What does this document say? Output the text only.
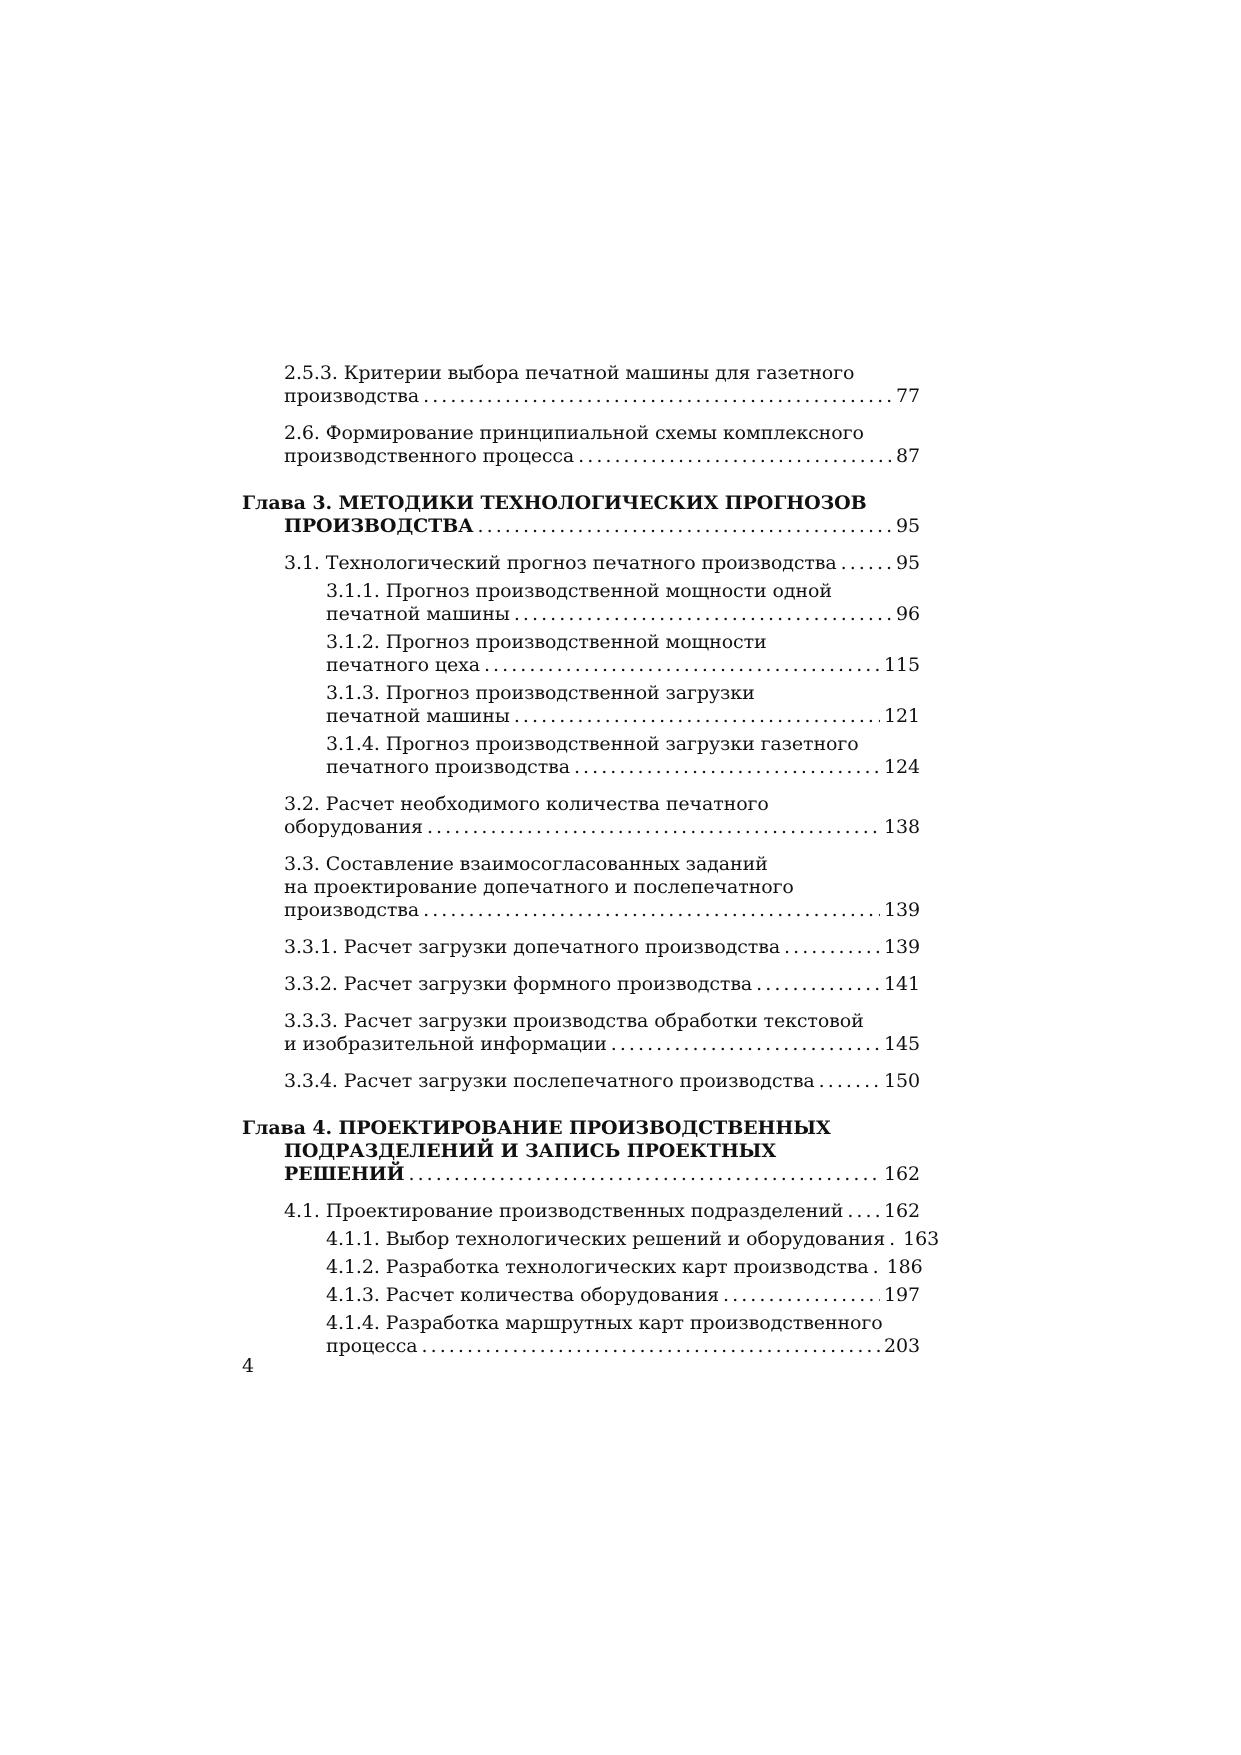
2.5.3. Критерии выбора печатной машины для газетного
производства . . .	77
2.6. Формирование принципиальной схемы комплексного
производственного процесса . . .	87
Глава 3. МЕТОДИКИ ТЕХНОЛОГИЧЕСКИХ ПРОГНОЗОВ
ПРОИЗВОДСТВА . . .	95
3.1. Технологический прогноз печатного производства . . .	95
3.1.1. Прогноз производственной мощности одной
печатной машины . . .	96
3.1.2. Прогноз производственной мощности
печатного цеха . . .	115
3.1.3. Прогноз производственной загрузки
печатной машины . . .	121
3.1.4. Прогноз производственной загрузки газетного
печатного производства . . .	124
3.2. Расчет необходимого количества печатного
оборудования . . .	138
3.3. Составление взаимосогласованных заданий
на проектирование допечатного и послепечатного
производства . . .	139
3.3.1. Расчет загрузки допечатного производства . . .	139
3.3.2. Расчет загрузки формного производства . . .	141
3.3.3. Расчет загрузки производства обработки текстовой
и изобразительной информации . . .	145
3.3.4. Расчет загрузки послепечатного производства . . .	150
Глава 4. ПРОЕКТИРОВАНИЕ ПРОИЗВОДСТВЕННЫХ
ПОДРАЗДЕЛЕНИЙ И ЗАПИСЬ ПРОЕКТНЫХ
РЕШЕНИЙ . . .	162
4.1. Проектирование производственных подразделений . . . 162
4.1.1. Выбор технологических решений и оборудования . . . 163
4.1.2. Разработка технологических карт производства . . . 186
4.1.3. Расчет количества оборудования . . .	197
4.1.4. Разработка маршрутных карт производственного
процесса . . .	203
4
